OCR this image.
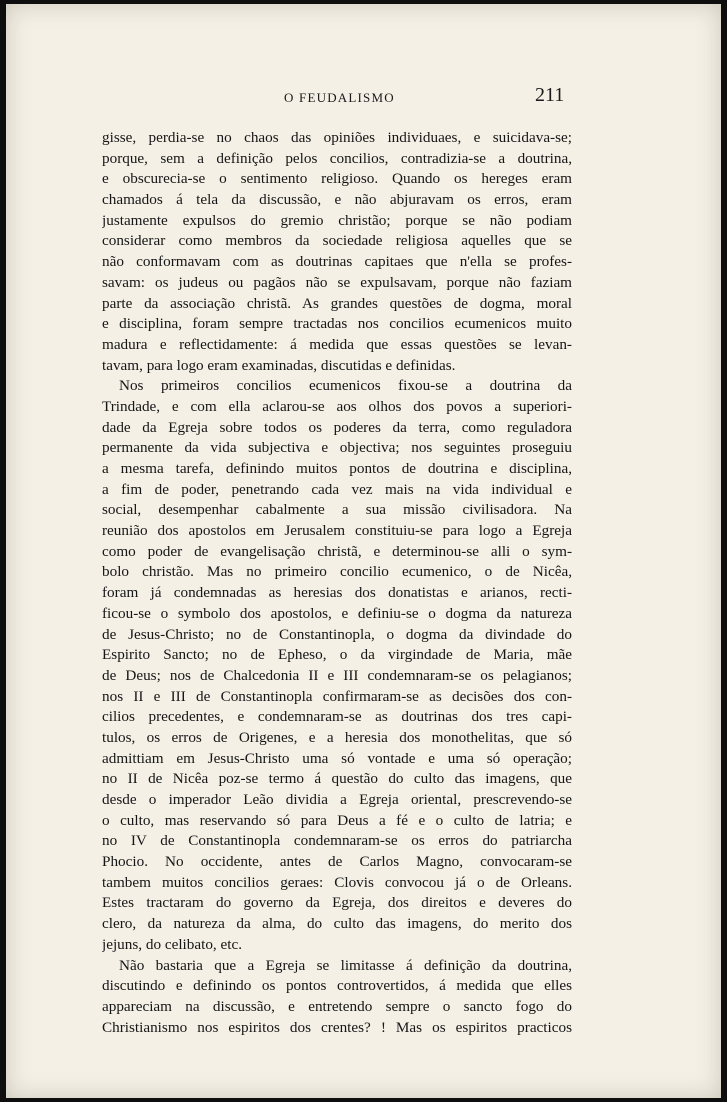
O FEUDALISMO	211
gisse, perdia-se no chaos das opiniões individuaes, e suicidava-se;
porque, sem a definição pelos concilios, contradizia-se a doutrina,
e obscurecia-se o sentimento religioso. Quando os hereges eram
chamados á tela da discussão, e não abjuravam os erros, eram
justamente expulsos do gremio christão; porque se não podiam
considerar como membros da sociedade religiosa aquelles que se
não conformavam com as doutrinas capitaes que n'ella se profes-
savam: os judeus ou pagãos não se expulsavam, porque não faziam
parte da associação christã. As grandes questões de dogma, moral
e disciplina, foram sempre tractadas nos concilios ecumenicos muito
madura e reflectidamente: á medida que essas questões se levan-
tavam, para logo eram examinadas, discutidas e definidas.
Nos primeiros concilios ecumenicos fixou-se a doutrina da
Trindade, e com ella aclarou-se aos olhos dos povos a superiori-
dade da Egreja sobre todos os poderes da terra, como reguladora
permanente da vida subjectiva e objectiva; nos seguintes proseguiu
a mesma tarefa, definindo muitos pontos de doutrina e disciplina,
a fim de poder, penetrando cada vez mais na vida individual e
social, desempenhar cabalmente a sua missão civilisadora. Na
reunião dos apostolos em Jerusalem constituiu-se para logo a Egreja
como poder de evangelisação christã, e determinou-se alli o sym-
bolo christão. Mas no primeiro concilio ecumenico, o de Nicêa,
foram já condemnadas as heresias dos donatistas e arianos, recti-
ficou-se o symbolo dos apostolos, e definiu-se o dogma da natureza
de Jesus-Christo; no de Constantinopla, o dogma da divindade do
Espirito Sancto; no de Epheso, o da virgindade de Maria, mãe
de Deus; nos de Chalcedonia II e III condemnaram-se os pelagianos;
nos II e III de Constantinopla confirmaram-se as decisões dos con-
cilios precedentes, e condemnaram-se as doutrinas dos tres capi-
tulos, os erros de Origenes, e a heresia dos monothelitas, que só
admittiam em Jesus-Christo uma só vontade e uma só operação;
no II de Nicêa poz-se termo á questão do culto das imagens, que
desde o imperador Leão dividia a Egreja oriental, prescrevendo-se
o culto, mas reservando só para Deus a fé e o culto de latria; e
no IV de Constantinopla condemnaram-se os erros do patriarcha
Phocio. No occidente, antes de Carlos Magno, convocaram-se
tambem muitos concilios geraes: Clovis convocou já o de Orleans.
Estes tractaram do governo da Egreja, dos direitos e deveres do
clero, da natureza da alma, do culto das imagens, do merito dos
jejuns, do celibato, etc.
Não bastaria que a Egreja se limitasse á definição da doutrina,
discutindo e definindo os pontos controvertidos, á medida que elles
appareciam na discussão, e entretendo sempre o sancto fogo do
Christianismo nos espiritos dos crentes? ! Mas os espiritos practicos
